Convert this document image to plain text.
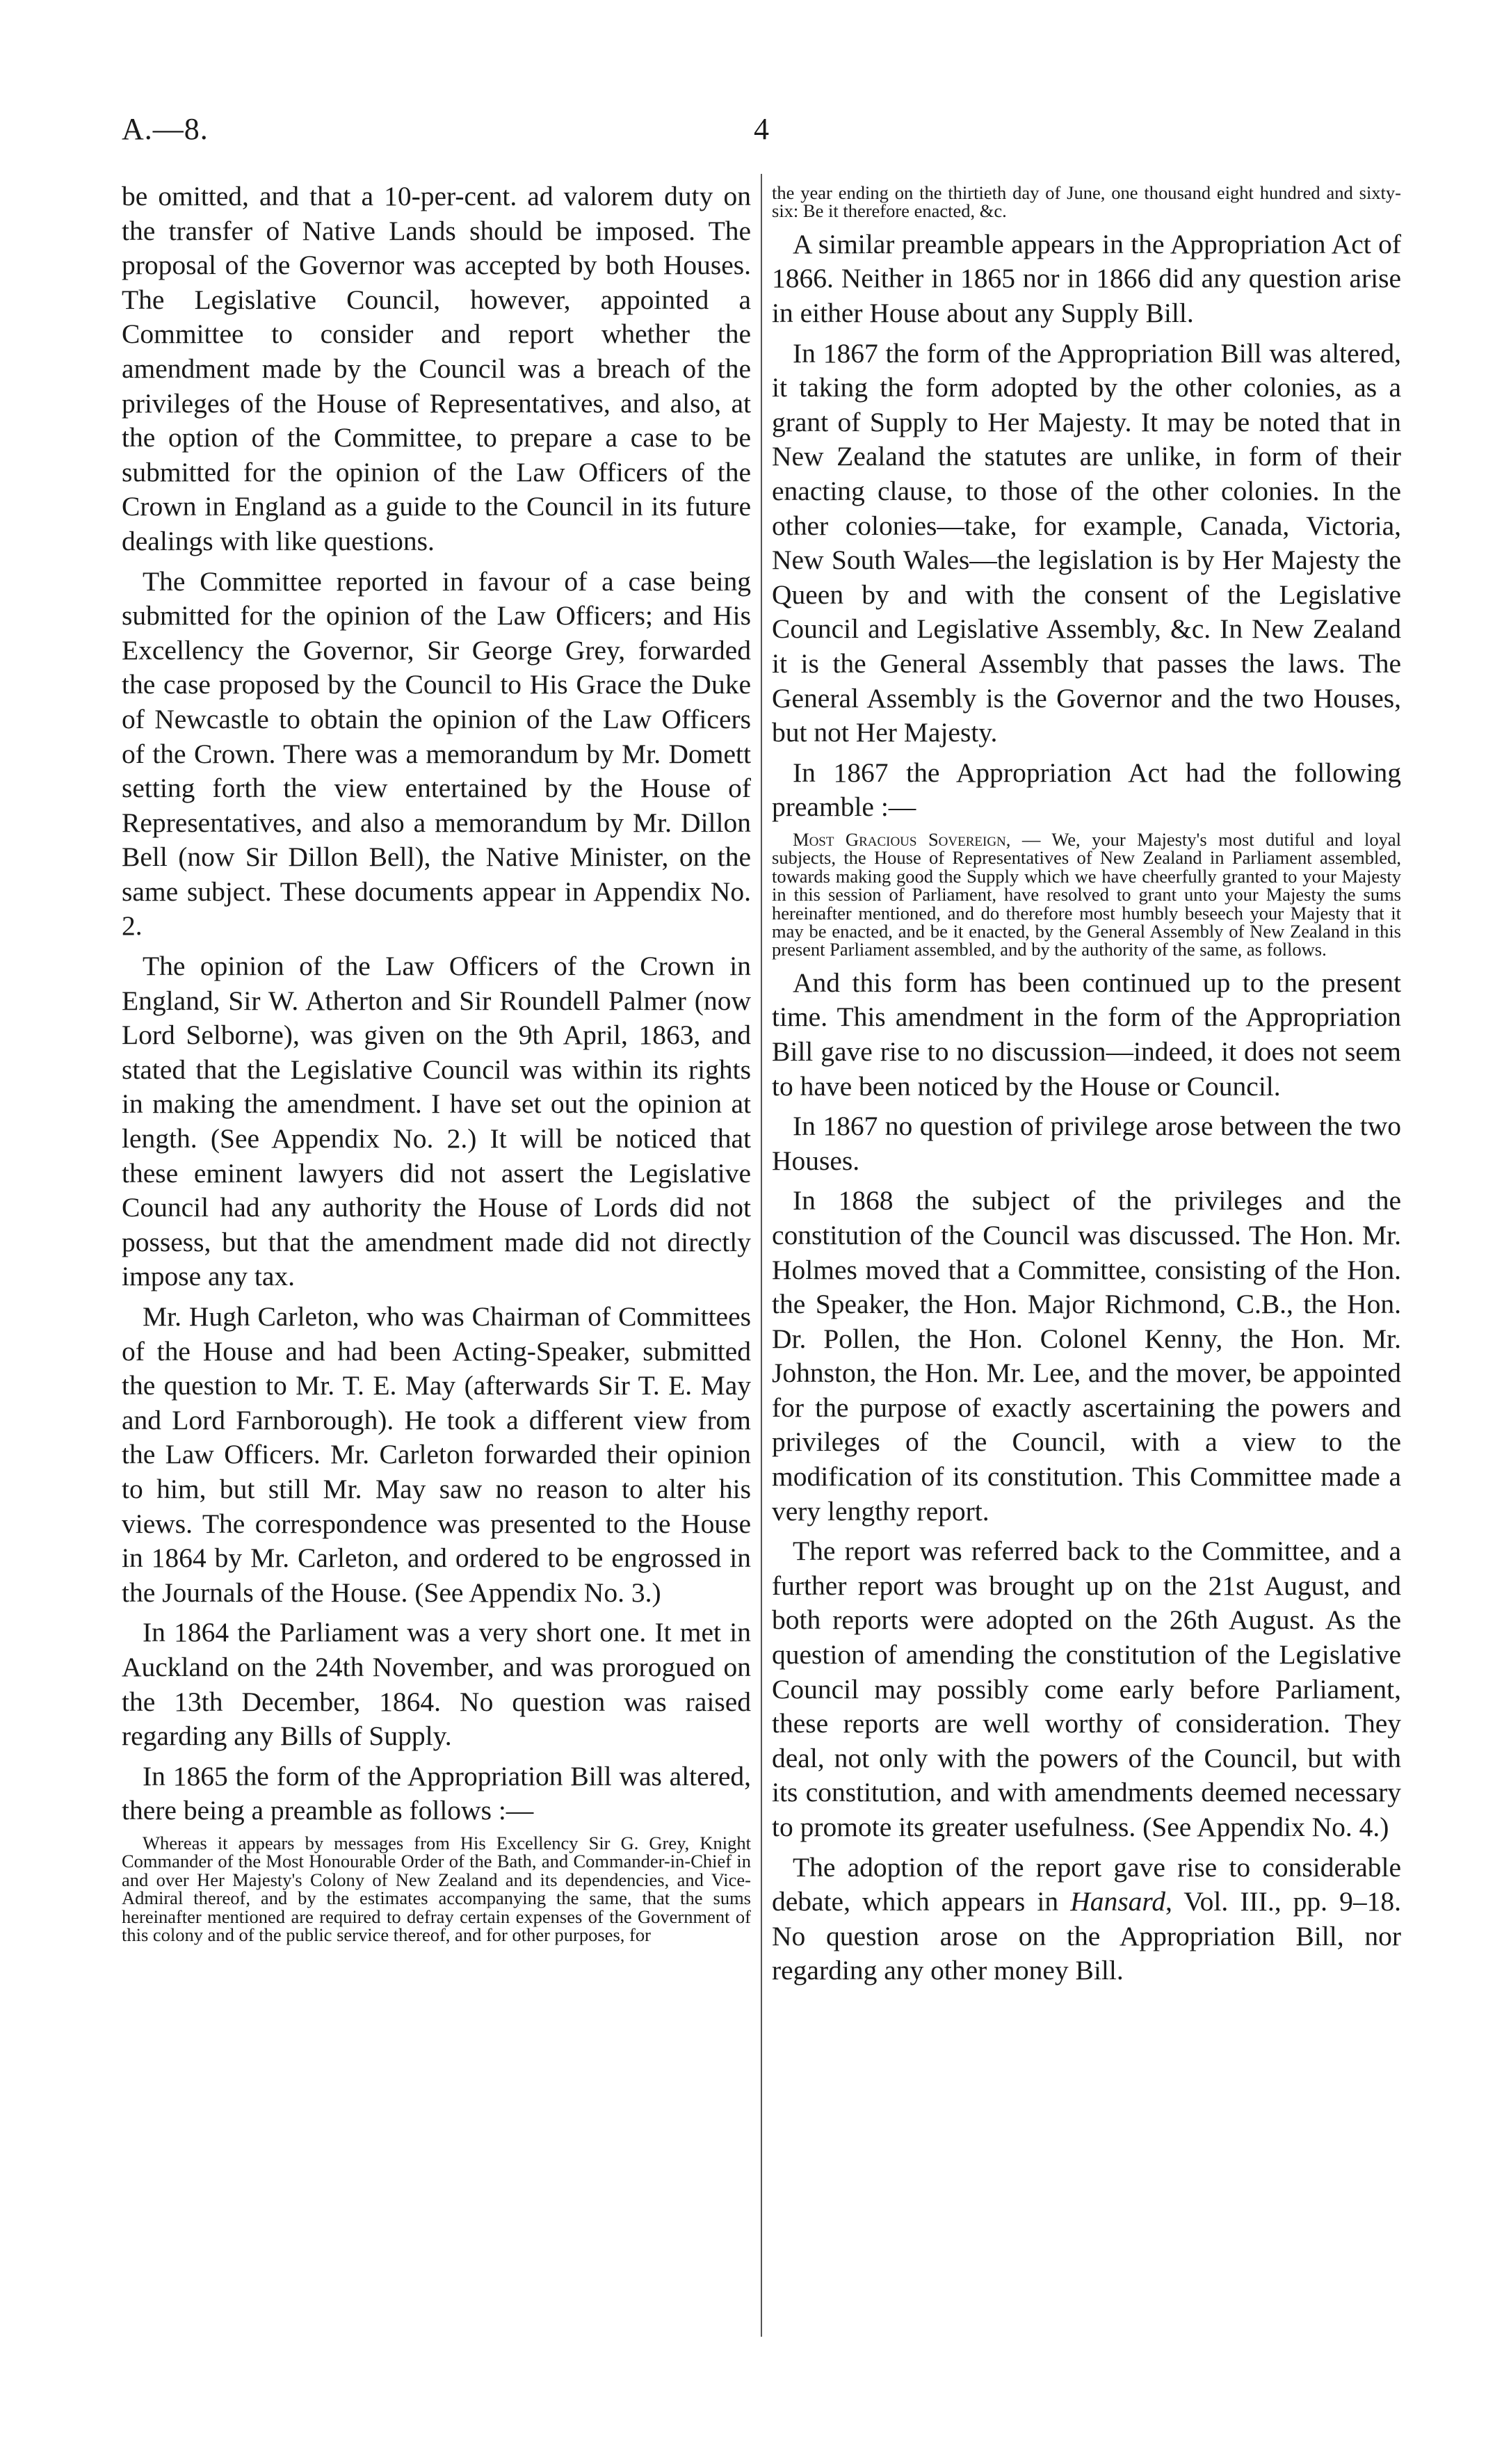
A.—8.	4

be omitted, and that a 10-per-cent. ad valorem duty on the transfer of Native Lands should be imposed. The proposal of the Governor was accepted by both Houses. The Legislative Council, however, appointed a Committee to consider and report whether the amendment made by the Council was a breach of the privileges of the House of Representatives, and also, at the option of the Committee, to prepare a case to be submitted for the opinion of the Law Officers of the Crown in England as a guide to the Council in its future dealings with like questions.

The Committee reported in favour of a case being submitted for the opinion of the Law Officers; and His Excellency the Governor, Sir George Grey, forwarded the case proposed by the Council to His Grace the Duke of Newcastle to obtain the opinion of the Law Officers of the Crown. There was a memorandum by Mr. Domett setting forth the view entertained by the House of Representatives, and also a memorandum by Mr. Dillon Bell (now Sir Dillon Bell), the Native Minister, on the same subject. These documents appear in Appendix No. 2.

The opinion of the Law Officers of the Crown in England, Sir W. Atherton and Sir Roundell Palmer (now Lord Selborne), was given on the 9th April, 1863, and stated that the Legislative Council was within its rights in making the amendment. I have set out the opinion at length. (See Appendix No. 2.) It will be noticed that these eminent lawyers did not assert the Legislative Council had any authority the House of Lords did not possess, but that the amendment made did not directly impose any tax.

Mr. Hugh Carleton, who was Chairman of Committees of the House and had been Acting-Speaker, submitted the question to Mr. T. E. May (afterwards Sir T. E. May and Lord Farnborough). He took a different view from the Law Officers. Mr. Carleton forwarded their opinion to him, but still Mr. May saw no reason to alter his views. The correspondence was presented to the House in 1864 by Mr. Carleton, and ordered to be engrossed in the Journals of the House. (See Appendix No. 3.)

In 1864 the Parliament was a very short one. It met in Auckland on the 24th November, and was prorogued on the 13th December, 1864. No question was raised regarding any Bills of Supply.

In 1865 the form of the Appropriation Bill was altered, there being a preamble as follows :—

Whereas it appears by messages from His Excellency Sir G. Grey, Knight Commander of the Most Honourable Order of the Bath, and Commander-in-Chief in and over Her Majesty's Colony of New Zealand and its dependencies, and Vice-Admiral thereof, and by the estimates accompanying the same, that the sums hereinafter mentioned are required to defray certain expenses of the Government of this colony and of the public service thereof, and for other purposes, for

the year ending on the thirtieth day of June, one thousand eight hundred and sixty-six: Be it therefore enacted, &c.

A similar preamble appears in the Appropriation Act of 1866. Neither in 1865 nor in 1866 did any question arise in either House about any Supply Bill.

In 1867 the form of the Appropriation Bill was altered, it taking the form adopted by the other colonies, as a grant of Supply to Her Majesty. It may be noted that in New Zealand the statutes are unlike, in form of their enacting clause, to those of the other colonies. In the other colonies—take, for example, Canada, Victoria, New South Wales—the legislation is by Her Majesty the Queen by and with the consent of the Legislative Council and Legislative Assembly, &c. In New Zealand it is the General Assembly that passes the laws. The General Assembly is the Governor and the two Houses, but not Her Majesty.

In 1867 the Appropriation Act had the following preamble :—

Most Gracious Sovereign, — We, your Majesty's most dutiful and loyal subjects, the House of Representatives of New Zealand in Parliament assembled, towards making good the Supply which we have cheerfully granted to your Majesty in this session of Parliament, have resolved to grant unto your Majesty the sums hereinafter mentioned, and do therefore most humbly beseech your Majesty that it may be enacted, and be it enacted, by the General Assembly of New Zealand in this present Parliament assembled, and by the authority of the same, as follows.

And this form has been continued up to the present time. This amendment in the form of the Appropriation Bill gave rise to no discussion—indeed, it does not seem to have been noticed by the House or Council.

In 1867 no question of privilege arose between the two Houses.

In 1868 the subject of the privileges and the constitution of the Council was discussed. The Hon. Mr. Holmes moved that a Committee, consisting of the Hon. the Speaker, the Hon. Major Richmond, C.B., the Hon. Dr. Pollen, the Hon. Colonel Kenny, the Hon. Mr. Johnston, the Hon. Mr. Lee, and the mover, be appointed for the purpose of exactly ascertaining the powers and privileges of the Council, with a view to the modification of its constitution. This Committee made a very lengthy report.

The report was referred back to the Committee, and a further report was brought up on the 21st August, and both reports were adopted on the 26th August. As the question of amending the constitution of the Legislative Council may possibly come early before Parliament, these reports are well worthy of consideration. They deal, not only with the powers of the Council, but with its constitution, and with amendments deemed necessary to promote its greater usefulness. (See Appendix No. 4.)

The adoption of the report gave rise to considerable debate, which appears in Hansard, Vol. III., pp. 9–18. No question arose on the Appropriation Bill, nor regarding any other money Bill.
